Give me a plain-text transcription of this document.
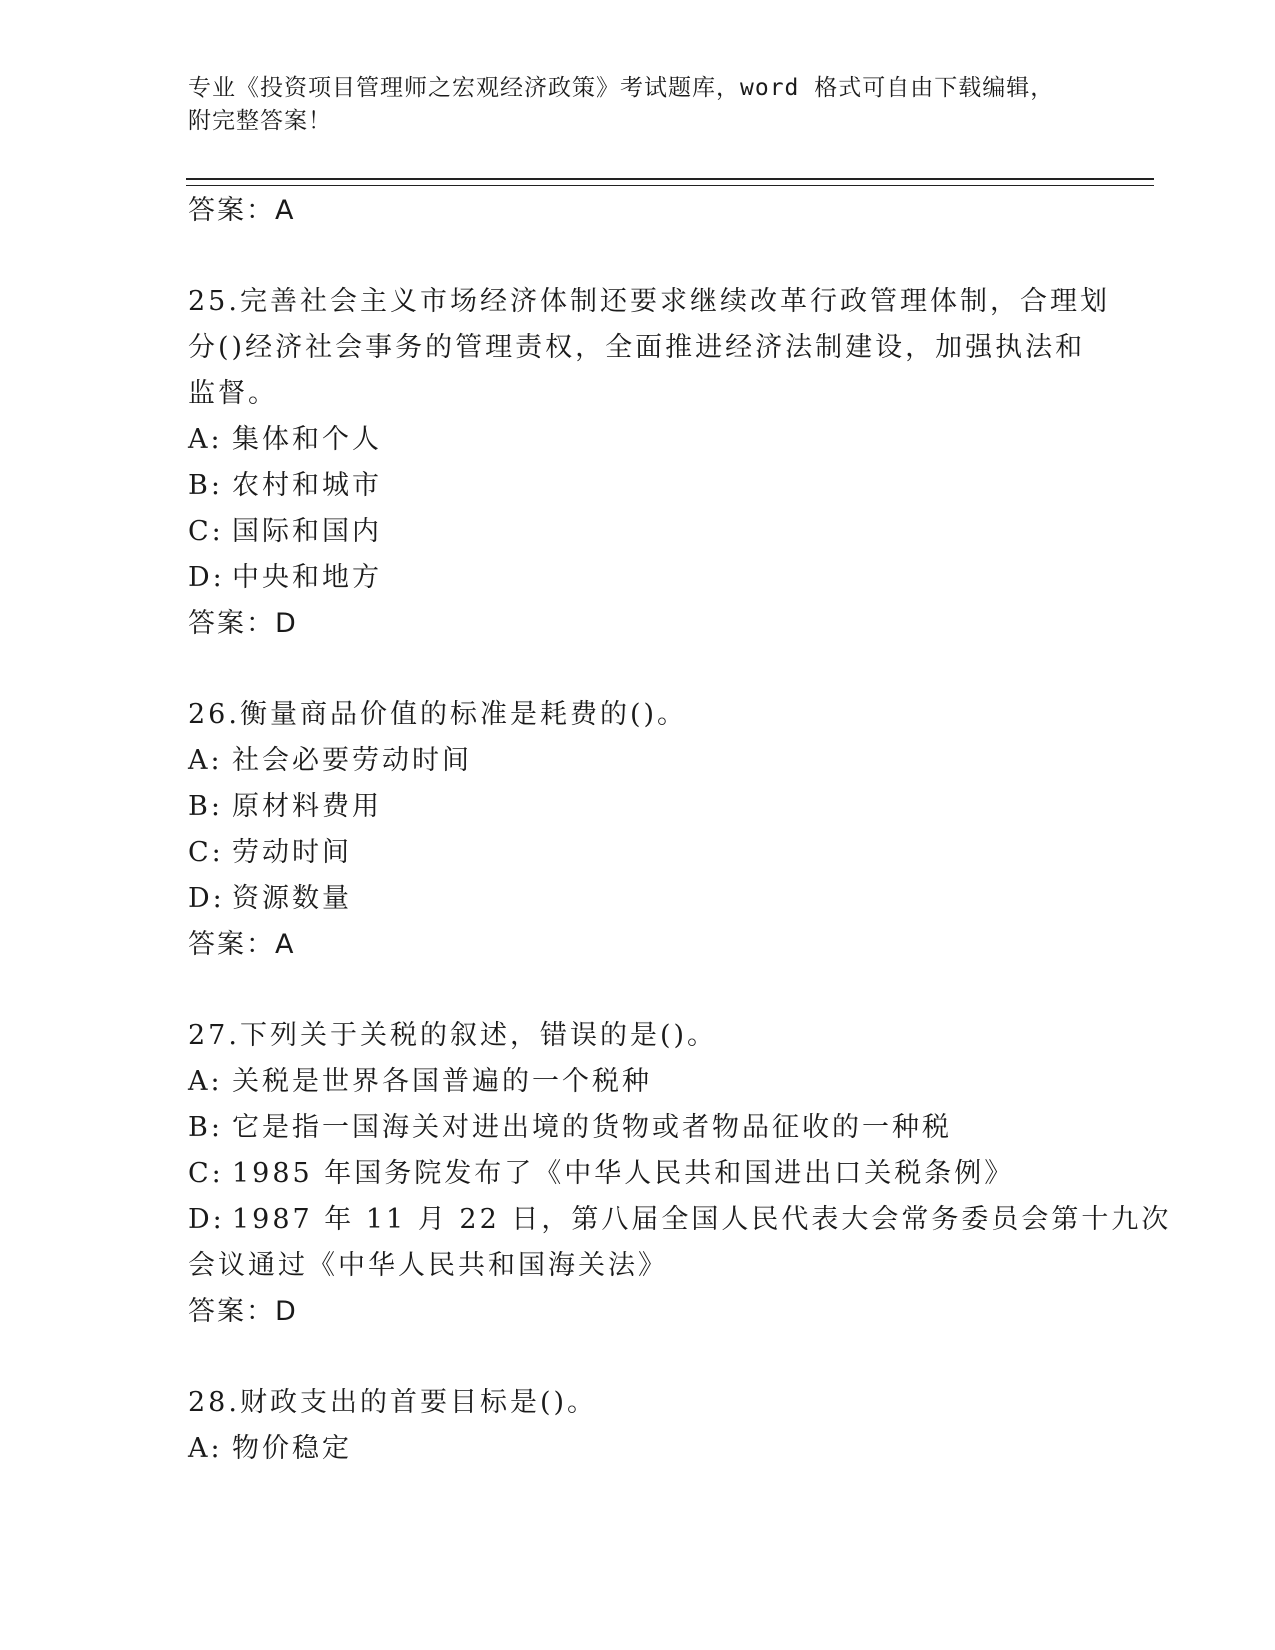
专业《投资项目管理师之宏观经济政策》考试题库，word 格式可自由下载编辑，
附完整答案！
答案：A
25.完善社会主义市场经济体制还要求继续改革行政管理体制，合理划
分()经济社会事务的管理责权，全面推进经济法制建设，加强执法和
监督。
A: 集体和个人
B: 农村和城市
C: 国际和国内
D: 中央和地方
答案：D
26.衡量商品价值的标准是耗费的()。
A: 社会必要劳动时间
B: 原材料费用
C: 劳动时间
D: 资源数量
答案：A
27.下列关于关税的叙述，错误的是()。
A: 关税是世界各国普遍的一个税种
B: 它是指一国海关对进出境的货物或者物品征收的一种税
C: 1985 年国务院发布了《中华人民共和国进出口关税条例》
D: 1987 年 11 月 22 日，第八届全国人民代表大会常务委员会第十九次
会议通过《中华人民共和国海关法》
答案：D
28.财政支出的首要目标是()。
A: 物价稳定
